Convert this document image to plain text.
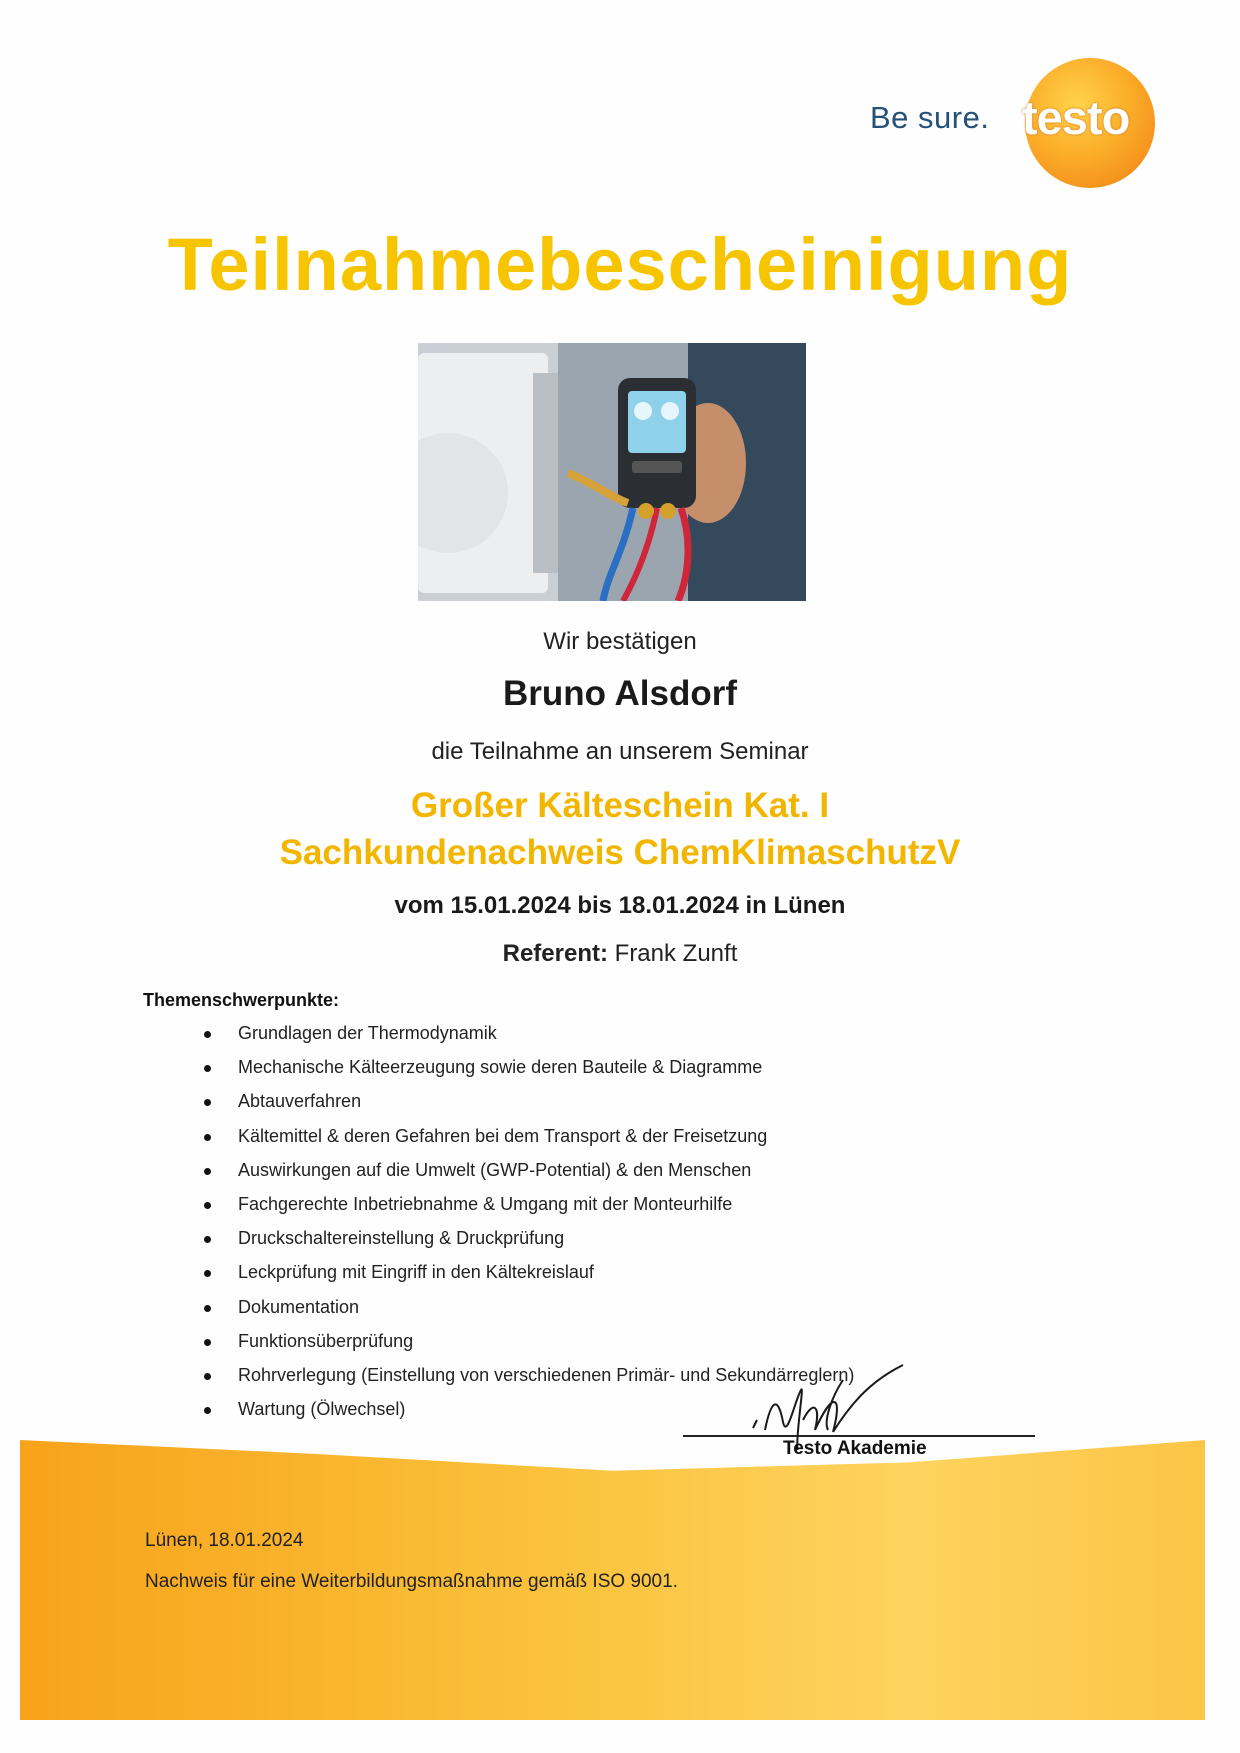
Be sure. testo
Teilnahmebescheinigung
Wir bestätigen
Bruno Alsdorf
die Teilnahme an unserem Seminar
Großer Kälteschein Kat. I
Sachkundenachweis ChemKlimaschutzV
vom 15.01.2024 bis 18.01.2024 in Lünen
Referent: Frank Zunft
Themenschwerpunkte:
Grundlagen der Thermodynamik
Mechanische Kälteerzeugung sowie deren Bauteile & Diagramme
Abtauverfahren
Kältemittel & deren Gefahren bei dem Transport & der Freisetzung
Auswirkungen auf die Umwelt (GWP-Potential) & den Menschen
Fachgerechte Inbetriebnahme & Umgang mit der Monteurhilfe
Druckschaltereinstellung & Druckprüfung
Leckprüfung mit Eingriff in den Kältekreislauf
Dokumentation
Funktionsüberprüfung
Rohrverlegung (Einstellung von verschiedenen Primär- und Sekundärreglern)
Wartung (Ölwechsel)
Testo Akademie
Lünen, 18.01.2024
Nachweis für eine Weiterbildungsmaßnahme gemäß ISO 9001.
